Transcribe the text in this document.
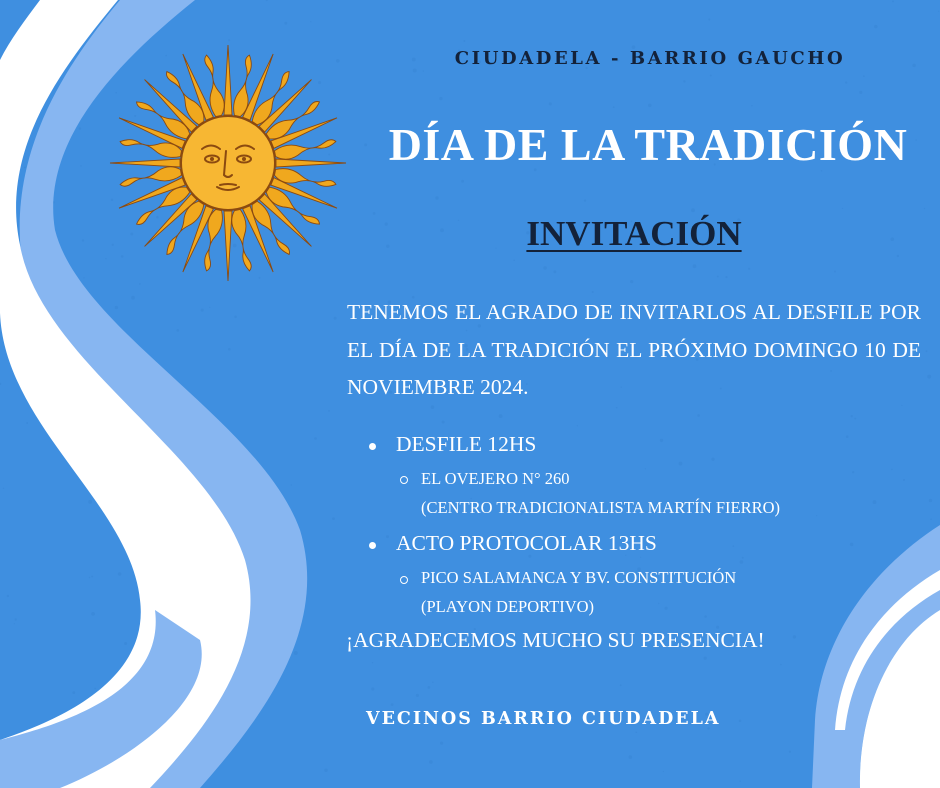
CIUDADELA - BARRIO GAUCHO

DÍA DE LA TRADICIÓN

INVITACIÓN

TENEMOS EL AGRADO DE INVITARLOS AL DESFILE POR EL DÍA DE LA TRADICIÓN EL PRÓXIMO DOMINGO 10 DE NOVIEMBRE 2024.

DESFILE 12HS
EL OVEJERO N° 260
(CENTRO TRADICIONALISTA MARTÍN FIERRO)
ACTO PROTOCOLAR 13HS
PICO SALAMANCA Y BV. CONSTITUCIÓN
(PLAYON DEPORTIVO)

¡AGRADECEMOS MUCHO SU PRESENCIA!

VECINOS BARRIO CIUDADELA
